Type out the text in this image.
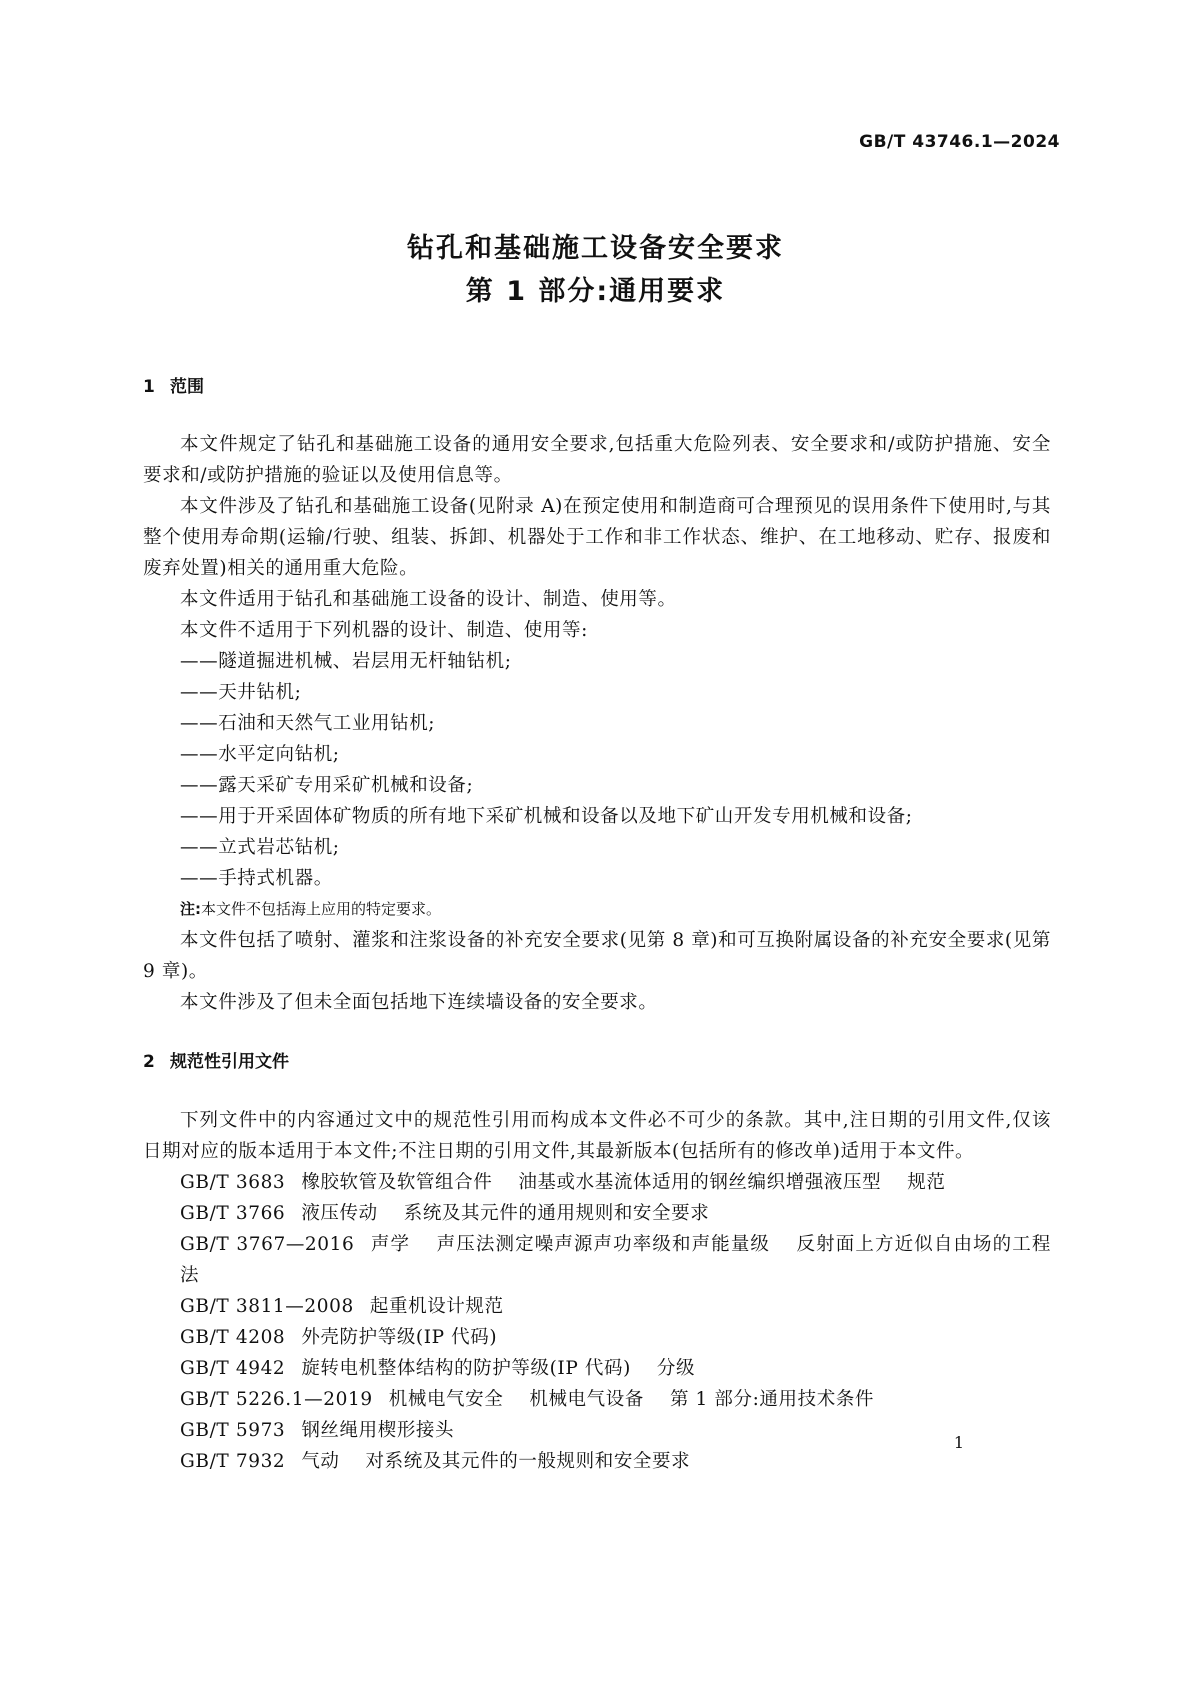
GB/T 43746.1—2024
钻孔和基础施工设备安全要求
第 1 部分:通用要求
1 范围
本文件规定了钻孔和基础施工设备的通用安全要求,包括重大危险列表、安全要求和/或防护措施、安全要求和/或防护措施的验证以及使用信息等。
本文件涉及了钻孔和基础施工设备(见附录 A)在预定使用和制造商可合理预见的误用条件下使用时,与其整个使用寿命期(运输/行驶、组装、拆卸、机器处于工作和非工作状态、维护、在工地移动、贮存、报废和废弃处置)相关的通用重大危险。
本文件适用于钻孔和基础施工设备的设计、制造、使用等。
本文件不适用于下列机器的设计、制造、使用等:
——隧道掘进机械、岩层用无杆轴钻机;
——天井钻机;
——石油和天然气工业用钻机;
——水平定向钻机;
——露天采矿专用采矿机械和设备;
——用于开采固体矿物质的所有地下采矿机械和设备以及地下矿山开发专用机械和设备;
——立式岩芯钻机;
——手持式机器。
注:本文件不包括海上应用的特定要求。
本文件包括了喷射、灌浆和注浆设备的补充安全要求(见第 8 章)和可互换附属设备的补充安全要求(见第 9 章)。
本文件涉及了但未全面包括地下连续墙设备的安全要求。
2 规范性引用文件
下列文件中的内容通过文中的规范性引用而构成本文件必不可少的条款。其中,注日期的引用文件,仅该日期对应的版本适用于本文件;不注日期的引用文件,其最新版本(包括所有的修改单)适用于本文件。
GB/T 3683 橡胶软管及软管组合件 油基或水基流体适用的钢丝编织增强液压型 规范
GB/T 3766 液压传动 系统及其元件的通用规则和安全要求
GB/T 3767—2016 声学 声压法测定噪声源声功率级和声能量级 反射面上方近似自由场的工程法
GB/T 3811—2008 起重机设计规范
GB/T 4208 外壳防护等级(IP 代码)
GB/T 4942 旋转电机整体结构的防护等级(IP 代码) 分级
GB/T 5226.1—2019 机械电气安全 机械电气设备 第 1 部分:通用技术条件
GB/T 5973 钢丝绳用楔形接头
GB/T 7932 气动 对系统及其元件的一般规则和安全要求
1
